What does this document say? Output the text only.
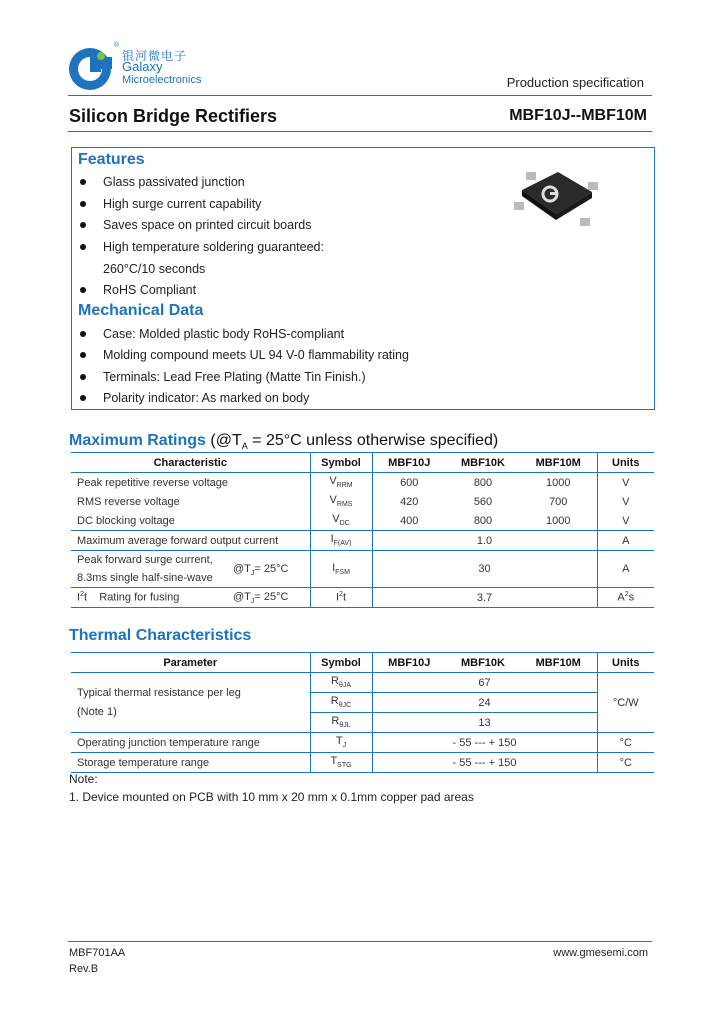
®
银河微电子
Galaxy
Microelectronics	Production specification
Silicon Bridge Rectifiers	MBF10J--MBF10M
Features
Glass passivated junction
High surge current capability
Saves space on printed circuit boards
High temperature soldering guaranteed:
260°C/10 seconds
RoHS Compliant
Mechanical Data
Case: Molded plastic body RoHS-compliant
Molding compound meets UL 94 V-0 flammability rating
Terminals: Lead Free Plating (Matte Tin Finish.)
Polarity indicator: As marked on body
Maximum Ratings ($@T_A = 25^\circ C$ unless otherwise specified)
Characteristic	Symbol	MBF10J	MBF10K	MBF10M	Units
Peak repetitive reverse voltage	$V_{RRM}$	600	800	1000	V
RMS reverse voltage	$V_{RMS}$	420	560	700	V
DC blocking voltage	$V_{DC}$	400	800	1000	V
Maximum average forward output current	$I_{F(AV)}$	1.0			A

Peak forward surge current,
8.3ms single half-sine-wave
$@T_J= 25^\circ C$	$I_{FSM}$	30			A

$I^2t$    Rating for fusing $@T_J= 25^\circ C$	$I^2t$	3.7			$A^2s$
Thermal Characteristics
Parameter	Symbol	MBF10J	MBF10K	MBF10M	Units

Typical thermal resistance per leg
(Note 1)	$R_{\theta JA}$	67			°C/W
	$R_{\theta JC}$	24			
	$R_{\theta JL}$	13			
Operating junction temperature range	$T_J$	- 55 --- + 150			°C
Storage temperature range	$T_{STG}$	- 55 --- + 150			°C
Note:
1. Device mounted on PCB with 10 mm x 20 mm x 0.1mm copper pad areas
MBF701AA
Rev.B
www.gmesemi.com
